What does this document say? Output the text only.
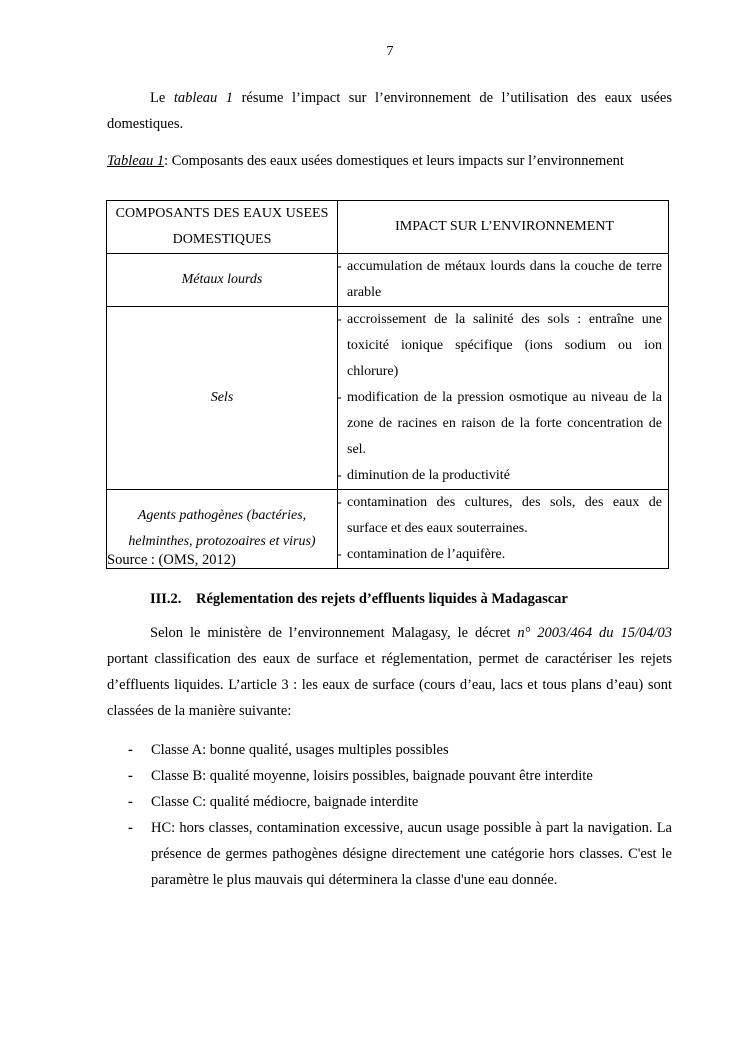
7

Le tableau 1 résume l’impact sur l’environnement de l’utilisation des eaux usées domestiques.

Tableau 1: Composants des eaux usées domestiques et leurs impacts sur l’environnement
COMPOSANTS DES EAUX USEES DOMESTIQUES	IMPACT SUR L’ENVIRONNEMENT
Métaux lourds	- accumulation de métaux lourds dans la couche de terre arable

Sels	- accroissement de la salinité des sols : entraîne une toxicité ionique spécifique (ions sodium ou ion chlorure)
- modification de la pression osmotique au niveau de la zone de racines en raison de la forte concentration de sel.
- diminution de la productivité

Agents pathogènes (bactéries, helminthes, protozoaires et virus)	- contamination des cultures, des sols, des eaux de surface et des eaux souterraines.
- contamination de l’aquifère.
Source : (OMS, 2012)
III.2. Réglementation des rejets d’effluents liquides à Madagascar

Selon le ministère de l’environnement Malagasy, le décret n° 2003/464 du 15/04/03 portant classification des eaux de surface et réglementation, permet de caractériser les rejets d’effluents liquides. L’article 3 : les eaux de surface (cours d’eau, lacs et tous plans d’eau) sont classées de la manière suivante:

- Classe A: bonne qualité, usages multiples possibles
- Classe B: qualité moyenne, loisirs possibles, baignade pouvant être interdite
- Classe C: qualité médiocre, baignade interdite
- HC: hors classes, contamination excessive, aucun usage possible à part la navigation. La présence de germes pathogènes désigne directement une catégorie hors classes. C'est le paramètre le plus mauvais qui déterminera la classe d'une eau donnée.
